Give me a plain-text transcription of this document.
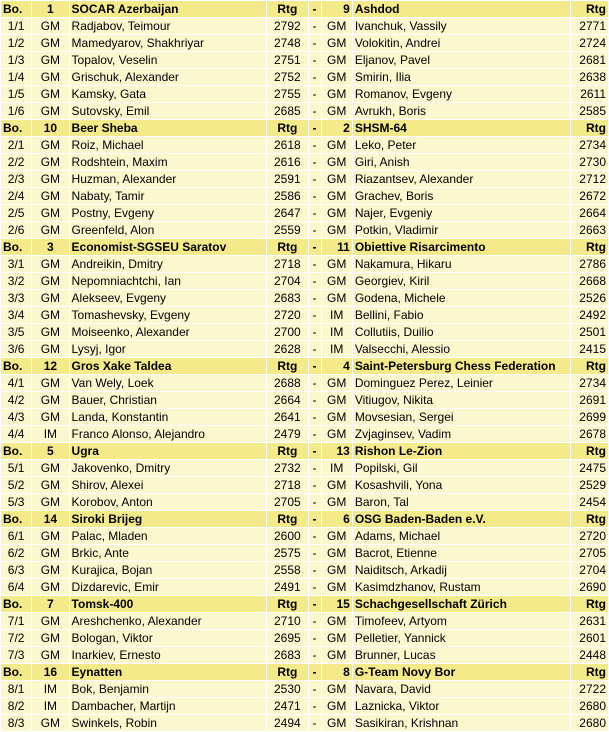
Bo.	1	SOCAR Azerbaijan	Rtg	-	9	Ashdod	Rtg
1/1	GM	Radjabov, Teimour	2792	-	GM	Ivanchuk, Vassily	2771
1/2	GM	Mamedyarov, Shakhriyar	2748	-	GM	Volokitin, Andrei	2724
1/3	GM	Topalov, Veselin	2751	-	GM	Eljanov, Pavel	2681
1/4	GM	Grischuk, Alexander	2752	-	GM	Smirin, Ilia	2638
1/5	GM	Kamsky, Gata	2755	-	GM	Romanov, Evgeny	2611
1/6	GM	Sutovsky, Emil	2685	-	GM	Avrukh, Boris	2585
Bo.	10	Beer Sheba	Rtg	-	2	SHSM-64	Rtg
2/1	GM	Roiz, Michael	2618	-	GM	Leko, Peter	2734
2/2	GM	Rodshtein, Maxim	2616	-	GM	Giri, Anish	2730
2/3	GM	Huzman, Alexander	2591	-	GM	Riazantsev, Alexander	2712
2/4	GM	Nabaty, Tamir	2586	-	GM	Grachev, Boris	2672
2/5	GM	Postny, Evgeny	2647	-	GM	Najer, Evgeniy	2664
2/6	GM	Greenfeld, Alon	2559	-	GM	Potkin, Vladimir	2663
Bo.	3	Economist-SGSEU Saratov	Rtg	-	11	Obiettive Risarcimento	Rtg
3/1	GM	Andreikin, Dmitry	2718	-	GM	Nakamura, Hikaru	2786
3/2	GM	Nepomniachtchi, Ian	2704	-	GM	Georgiev, Kiril	2668
3/3	GM	Alekseev, Evgeny	2683	-	GM	Godena, Michele	2526
3/4	GM	Tomashevsky, Evgeny	2720	-	IM	Bellini, Fabio	2492
3/5	GM	Moiseenko, Alexander	2700	-	IM	Collutiis, Duilio	2501
3/6	GM	Lysyj, Igor	2628	-	IM	Valsecchi, Alessio	2415
Bo.	12	Gros Xake Taldea	Rtg	-	4	Saint-Petersburg Chess Federation	Rtg
4/1	GM	Van Wely, Loek	2688	-	GM	Dominguez Perez, Leinier	2734
4/2	GM	Bauer, Christian	2664	-	GM	Vitiugov, Nikita	2691
4/3	GM	Landa, Konstantin	2641	-	GM	Movsesian, Sergei	2699
4/4	IM	Franco Alonso, Alejandro	2479	-	GM	Zvjaginsev, Vadim	2678
Bo.	5	Ugra	Rtg	-	13	Rishon Le-Zion	Rtg
5/1	GM	Jakovenko, Dmitry	2732	-	IM	Popilski, Gil	2475
5/2	GM	Shirov, Alexei	2718	-	GM	Kosashvili, Yona	2529
5/3	GM	Korobov, Anton	2705	-	GM	Baron, Tal	2454
Bo.	14	Siroki Brijeg	Rtg	-	6	OSG Baden-Baden e.V.	Rtg
6/1	GM	Palac, Mladen	2600	-	GM	Adams, Michael	2720
6/2	GM	Brkic, Ante	2575	-	GM	Bacrot, Etienne	2705
6/3	GM	Kurajica, Bojan	2558	-	GM	Naiditsch, Arkadij	2704
6/4	GM	Dizdarevic, Emir	2491	-	GM	Kasimdzhanov, Rustam	2690
Bo.	7	Tomsk-400	Rtg	-	15	Schachgesellschaft Zürich	Rtg
7/1	GM	Areshchenko, Alexander	2710	-	GM	Timofeev, Artyom	2631
7/2	GM	Bologan, Viktor	2695	-	GM	Pelletier, Yannick	2601
7/3	GM	Inarkiev, Ernesto	2683	-	GM	Brunner, Lucas	2448
Bo.	16	Eynatten	Rtg	-	8	G-Team Novy Bor	Rtg
8/1	IM	Bok, Benjamin	2530	-	GM	Navara, David	2722
8/2	IM	Dambacher, Martijn	2471	-	GM	Laznicka, Viktor	2680
8/3	GM	Swinkels, Robin	2494	-	GM	Sasikiran, Krishnan	2680
